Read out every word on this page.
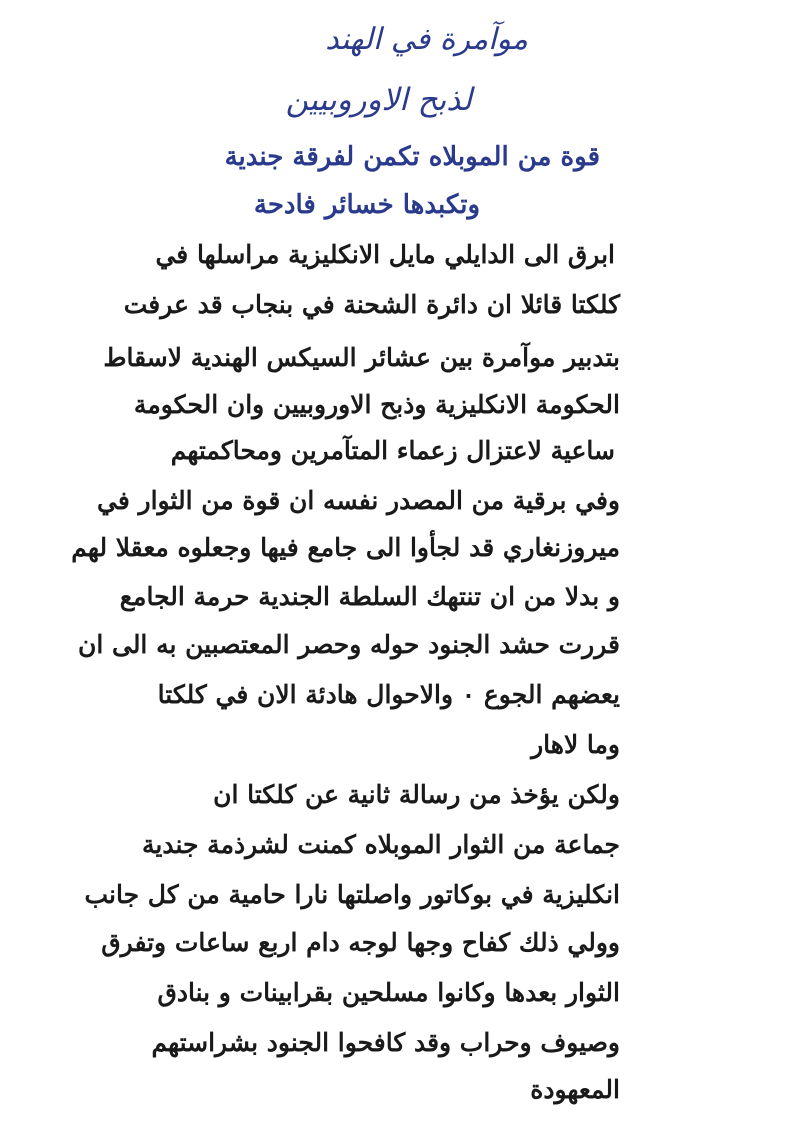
موآمرة في الهند
لذبح الاوروبيين
قوة من الموبلاه تكمن لفرقة جندية
وتكبدها خسائر فادحة
ابرق الى الدايلي مايل الانكليزية مراسلها في
كلكتا قائلا ان دائرة الشحنة في بنجاب قد عرفت
بتدبير موآمرة بين عشائر السيكس الهندية لاسقاط
الحكومة الانكليزية وذبح الاوروبيين وان الحكومة
ساعية لاعتزال زعماء المتآمرين ومحاكمتهم
وفي برقية من المصدر نفسه ان قوة من الثوار في
ميروزنغاري قد لجأوا الى جامع فيها وجعلوه معقلا لهم
و بدلا من ان تنتهك السلطة الجندية حرمة الجامع
قررت حشد الجنود حوله وحصر المعتصبين به الى ان
يعضهم الجوع ٠ والاحوال هادئة الان في كلكتا
وما لاهار
ولكن يؤخذ من رسالة ثانية عن كلكتا ان
جماعة من الثوار الموبلاه كمنت لشرذمة جندية
انكليزية في بوكاتور واصلتها نارا حامية من كل جانب
وولي ذلك كفاح وجها لوجه دام اربع ساعات وتفرق
الثوار بعدها وكانوا مسلحين بقرابينات و بنادق
وصيوف وحراب وقد كافحوا الجنود بشراستهم
المعهودة
